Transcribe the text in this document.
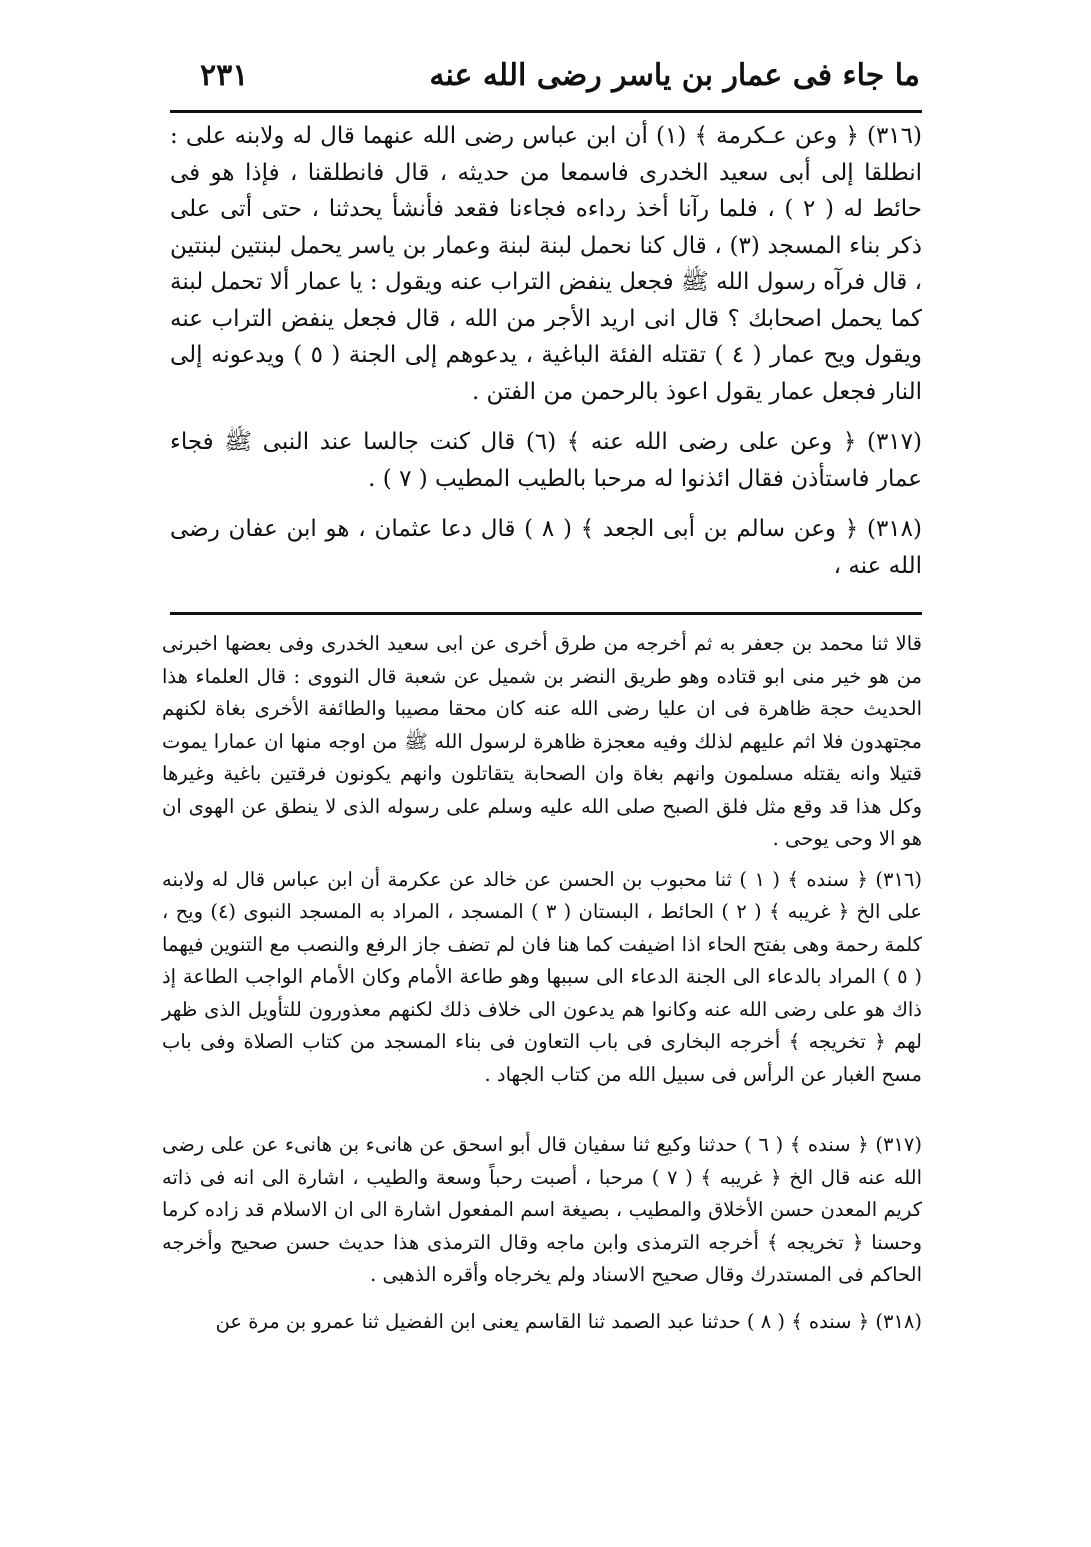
ما جاء فى عمار بن ياسر رضى الله عنه
٢٣١

(٣١٦) ﴿ وعن عـكرمة ﴾ (١) أن ابن عباس رضى الله عنهما قال له ولابنه على : انطلقا إلى أبى سعيد الخدرى فاسمعا من حديثه ، قال فانطلقنا ، فإذا هو فى حائط له ( ٢ ) ، فلما رآنا أخذ رداءه فجاءنا فقعد فأنشأ يحدثنا ، حتى أتى على ذكر بناء المسجد (٣) ، قال كنا نحمل لبنة لبنة وعمار بن ياسر يحمل لبنتين لبنتين ، قال فرآه رسول الله ﷺ فجعل ينفض التراب عنه ويقول : يا عمار ألا تحمل لبنة كما يحمل اصحابك ؟ قال انى اريد الأجر من الله ، قال فجعل ينفض التراب عنه ويقول ويح عمار ( ٤ ) تقتله الفئة الباغية ، يدعوهم إلى الجنة ( ٥ ) ويدعونه إلى النار فجعل عمار يقول اعوذ بالرحمن من الفتن .

(٣١٧) ﴿ وعن على رضى الله عنه ﴾ (٦) قال كنت جالسا عند النبى ﷺ فجاء عمار فاستأذن فقال ائذنوا له مرحبا بالطيب المطيب ( ٧ ) .

(٣١٨) ﴿ وعن سالم بن أبى الجعد ﴾ ( ٨ ) قال دعا عثمان ، هو ابن عفان رضى الله عنه ،

قالا ثنا محمد بن جعفر به ثم أخرجه من طرق أخرى عن ابى سعيد الخدرى وفى بعضها اخبرنى من هو خير منى ابو قتاده وهو طريق النضر بن شميل عن شعبة قال النووى : قال العلماء هذا الحديث حجة ظاهرة فى ان عليا رضى الله عنه كان محقا مصيبا والطائفة الأخرى بغاة لكنهم مجتهدون فلا اثم عليهم لذلك وفيه معجزة ظاهرة لرسول الله ﷺ من اوجه منها ان عمارا يموت قتيلا وانه يقتله مسلمون وانهم بغاة وان الصحابة يتقاتلون وانهم يكونون فرقتين باغية وغيرها وكل هذا قد وقع مثل فلق الصبح صلى الله عليه وسلم على رسوله الذى لا ينطق عن الهوى ان هو الا وحى يوحى .

(٣١٦) ﴿ سنده ﴾ ( ١ ) ثنا محبوب بن الحسن عن خالد عن عكرمة أن ابن عباس قال له ولابنه على الخ ﴿ غريبه ﴾ ( ٢ ) الحائط ، البستان ( ٣ ) المسجد ، المراد به المسجد النبوى (٤) ويح ، كلمة رحمة وهى بفتح الحاء اذا اضيفت كما هنا فان لم تضف جاز الرفع والنصب مع التنوين فيهما ( ٥ ) المراد بالدعاء الى الجنة الدعاء الى سببها وهو طاعة الأمام وكان الأمام الواجب الطاعة إذ ذاك هو على رضى الله عنه وكانوا هم يدعون الى خلاف ذلك لكنهم معذورون للتأويل الذى ظهر لهم ﴿ تخريجه ﴾ أخرجه البخارى فى باب التعاون فى بناء المسجد من كتاب الصلاة وفى باب مسح الغبار عن الرأس فى سبيل الله من كتاب الجهاد .

(٣١٧) ﴿ سنده ﴾ ( ٦ ) حدثنا وكيع ثنا سفيان قال أبو اسحق عن هانىء بن هانىء عن على رضى الله عنه قال الخ ﴿ غريبه ﴾ ( ٧ ) مرحبا ، أصبت رحباً وسعة والطيب ، اشارة الى انه فى ذاته كريم المعدن حسن الأخلاق والمطيب ، بصيغة اسم المفعول اشارة الى ان الاسلام قد زاده كرما وحسنا ﴿ تخريجه ﴾ أخرجه الترمذى وابن ماجه وقال الترمذى هذا حديث حسن صحيح وأخرجه الحاكم فى المستدرك وقال صحيح الاسناد ولم يخرجاه وأقره الذهبى .

(٣١٨) ﴿ سنده ﴾ ( ٨ ) حدثنا عبد الصمد ثنا القاسم يعنى ابن الفضيل ثنا عمرو بن مرة عن
